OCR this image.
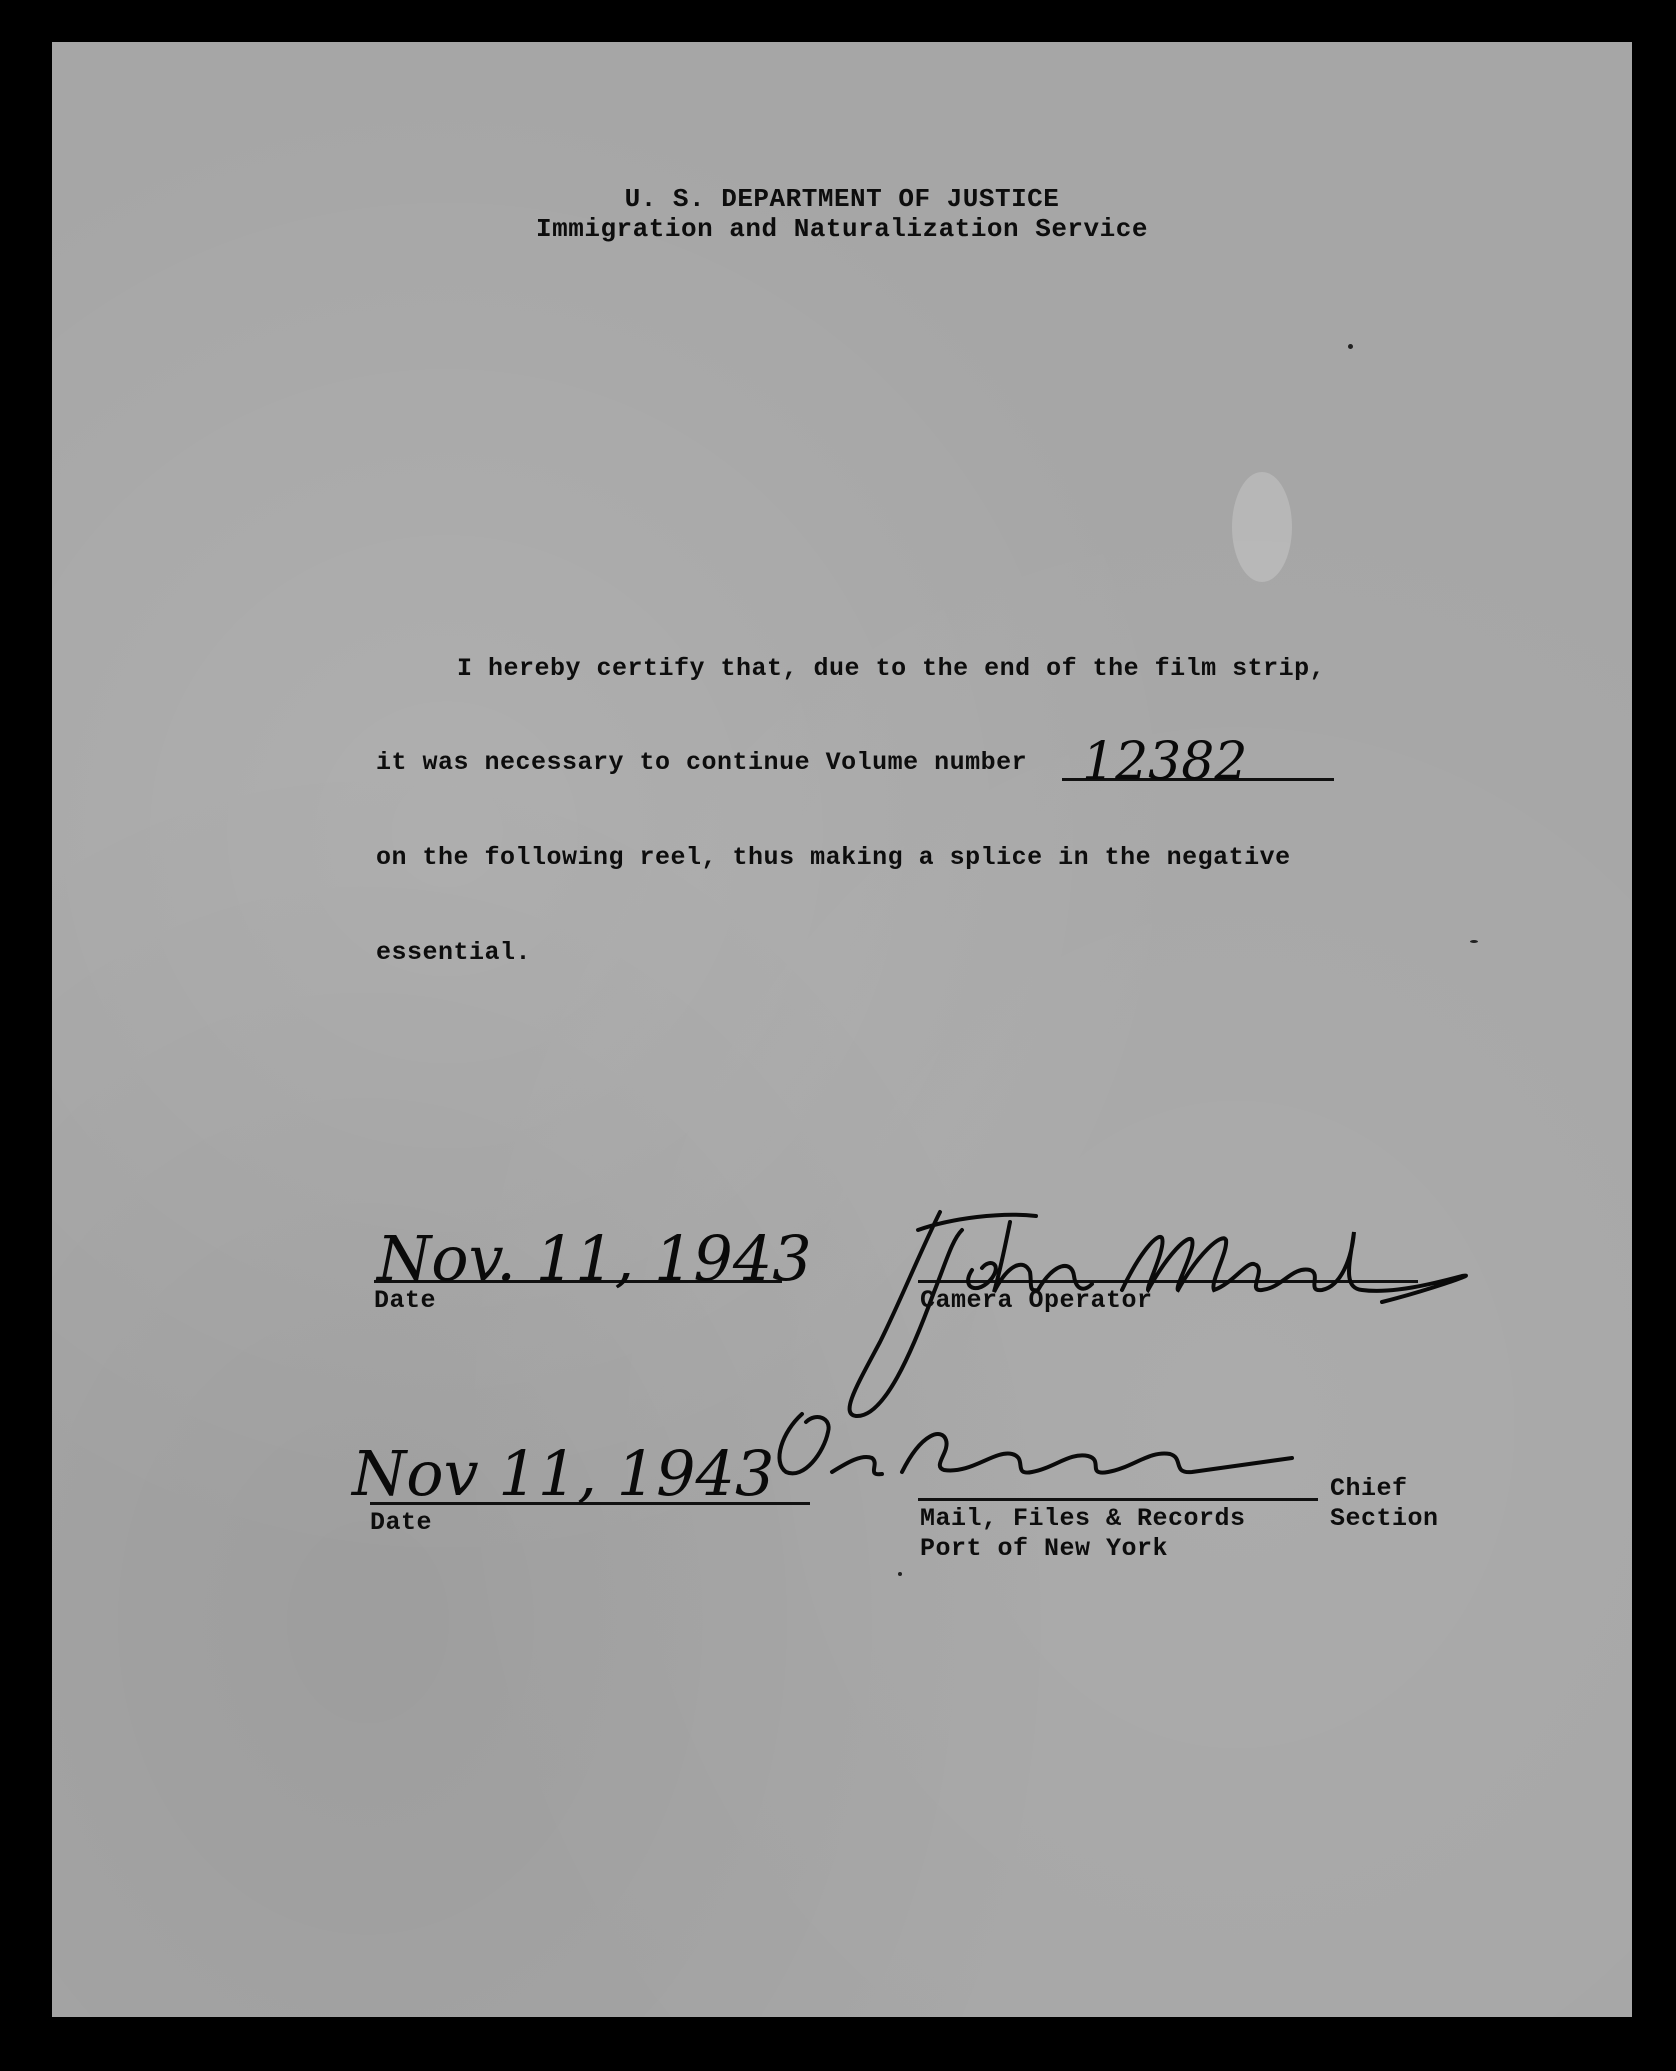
U. S. DEPARTMENT OF JUSTICE
Immigration and Naturalization Service
I hereby certify that, due to the end of the film strip,
it was necessary to continue Volume number 12382
on the following reel, thus making a splice in the negative
essential.
Nov. 11, 1943
Date	Camera Operator
Nov 11, 1943
Date
Chief
Mail, Files & Records	Section
Port of New York
